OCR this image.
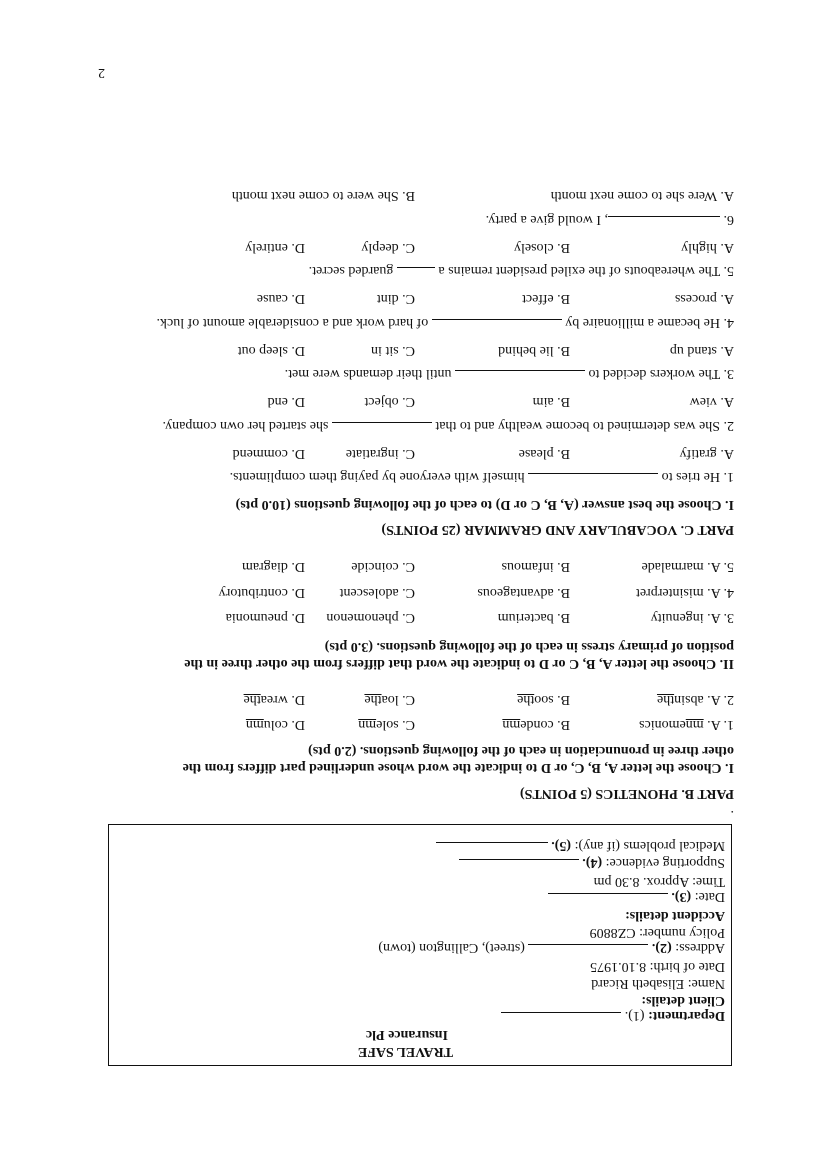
TRAVEL SAFE
Insurance Plc
Department: (1).
Client details:
Name: Elisabeth Ricard
Date of birth: 8.10.1975
Address: (2).  (street), Callington (town)
Policy number: CZ8809
Accident details:
Date: (3).
Time: Approx. 8.30 pm
Supporting evidence: (4).
Medical problems (if any): (5).
.
PART B. PHONETICS (5 POINTS)
I. Choose the letter A, B, C, or D to indicate the word whose underlined part differs from the
other three in pronunciation in each of the following questions. (2.0 pts)
1. A. mnemonics
B. condemn
C. solemn
D. column
2. A. absinthe
B. soothe
C. loathe
D. wreathe
II. Choose the letter A, B, C or D to indicate the word that differs from the other three in the
position of primary stress in each of the following questions. (3.0 pts)
3. A. ingenuity
B. bacterium
C. phenomenon
D. pneumonia
4. A. misinterpret
B. advantageous
C. adolescent
D. contributory
5. A. marmalade
B. infamous
C. coincide
D. diagram
PART C. VOCABULARY AND GRAMMAR (25 POINTS)
I. Choose the best answer (A, B, C or D) to each of the following questions (10.0 pts)
1. He tries to  himself with everyone by paying them compliments.
A. gratify
B. please
C. ingratiate
D. commend
2. She was determined to become wealthy and to that  she started her own company.
A. view
B. aim
C. object
D. end
3. The workers decided to  until their demands were met.
A. stand up
B. lie behind
C. sit in
D. sleep out
4. He became a millionaire by  of hard work and a considerable amount of luck.
A. process
B. effect
C. dint
D. cause
5. The whereabouts of the exiled president remains a  guarded secret.
A. highly
B. closely
C. deeply
D. entirely
6. , I would give a party.
A. Were she to come next month
B. She were to come next month
2
